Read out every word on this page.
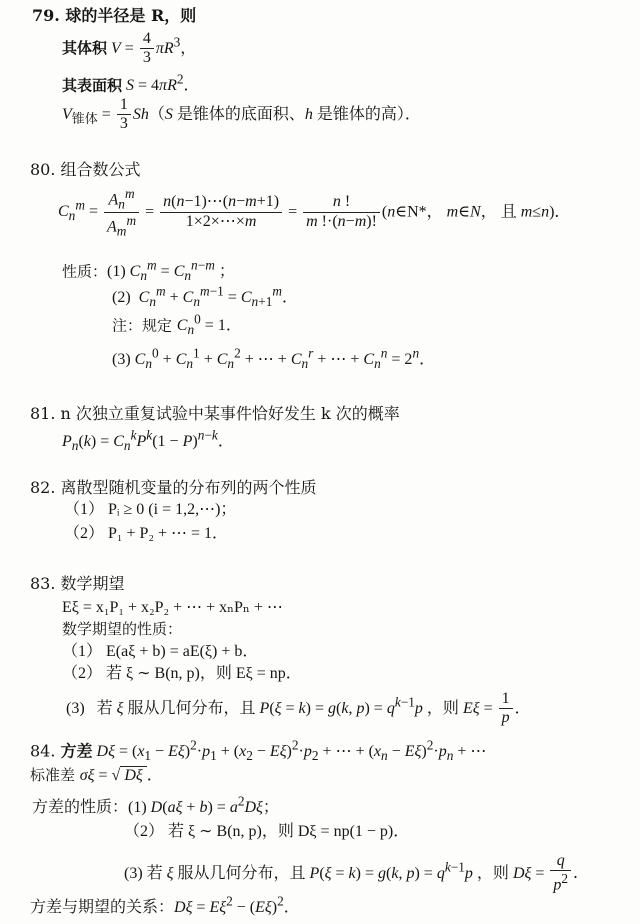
79. 球的半径是 R，则
其体积 $V = \frac{4}{3} \pi R^3$，
其表面积 $S = 4\pi R^2$．
$V_{锥体} = \frac{1}{3} Sh(S$ 是锥体的底面积、h 是锥体的高）．
80. 组合数公式
$C_n^m$ =
$A_n^m$
$A_m^m = \frac{n(n-1)\cdots(n-m+1)}{1\times 2\times\cdots\times m} = \frac{n !}{m !\cdot(n-m)!}$ (n∈N*， m∈N， 且 m≤n)．
性质：(1) $C_n^m = C_n^{n-m}$ ；
(2)  $C_n^m + C_n^{m-1} = C_{n+1}^m$．
注：规定 $C_n^0 = 1$．
(3) $C_n^0 + C_n^1 + C_n^2$ + ⋯ + $C_n^r$ + ⋯ + $C_n^n = 2^n$．
81. n 次独立重复试验中某事件恰好发生 k 次的概率
$P_n(k) = C_n^kP^k(1 - P)^{n-k}$．
82. 离散型随机变量的分布列的两个性质
（1） Pᵢ ≥ 0 (i = 1,2,⋯)；
（2） P₁ + P₂ + ⋯ = 1．
83. 数学期望
Eξ = x₁P₁ + x₂P₂ + ⋯ + xₙPₙ + ⋯
数学期望的性质：
（1） E(aξ + b) = aE(ξ) + b．
（2） 若 ξ ∼ B(n, p)，则 Eξ = np．
(3)   若 ξ 服从几何分布，且 P(ξ = k) = g(k, $p) = q^{k-1}p$ ，则 $E\xi = \frac{1}{p}$ ．
84. 方差 $D\xi = (x_1 - E\xi)^2\cdot p_1 + (x_2 - E\xi)^2\cdot p_2$ + ⋯ + $(x_n - E\xi)^2\cdot p_n$ + ⋯
标准差 σξ = √ Dξ ．
方差的性质：(1) $D(a\xi + b) = a^2D\xi$；
（2） 若 ξ ∼ B(n, p)，则 Dξ = np(1 − p)．
(3) 若 ξ 服从几何分布，且 P(ξ = k) = g(k, $p) = q^{k-1}p$ ，则 $D\xi = \frac{q}{p^2}$ ．
方差与期望的关系：$D\xi = E\xi^2 - (E\xi)^2$．
